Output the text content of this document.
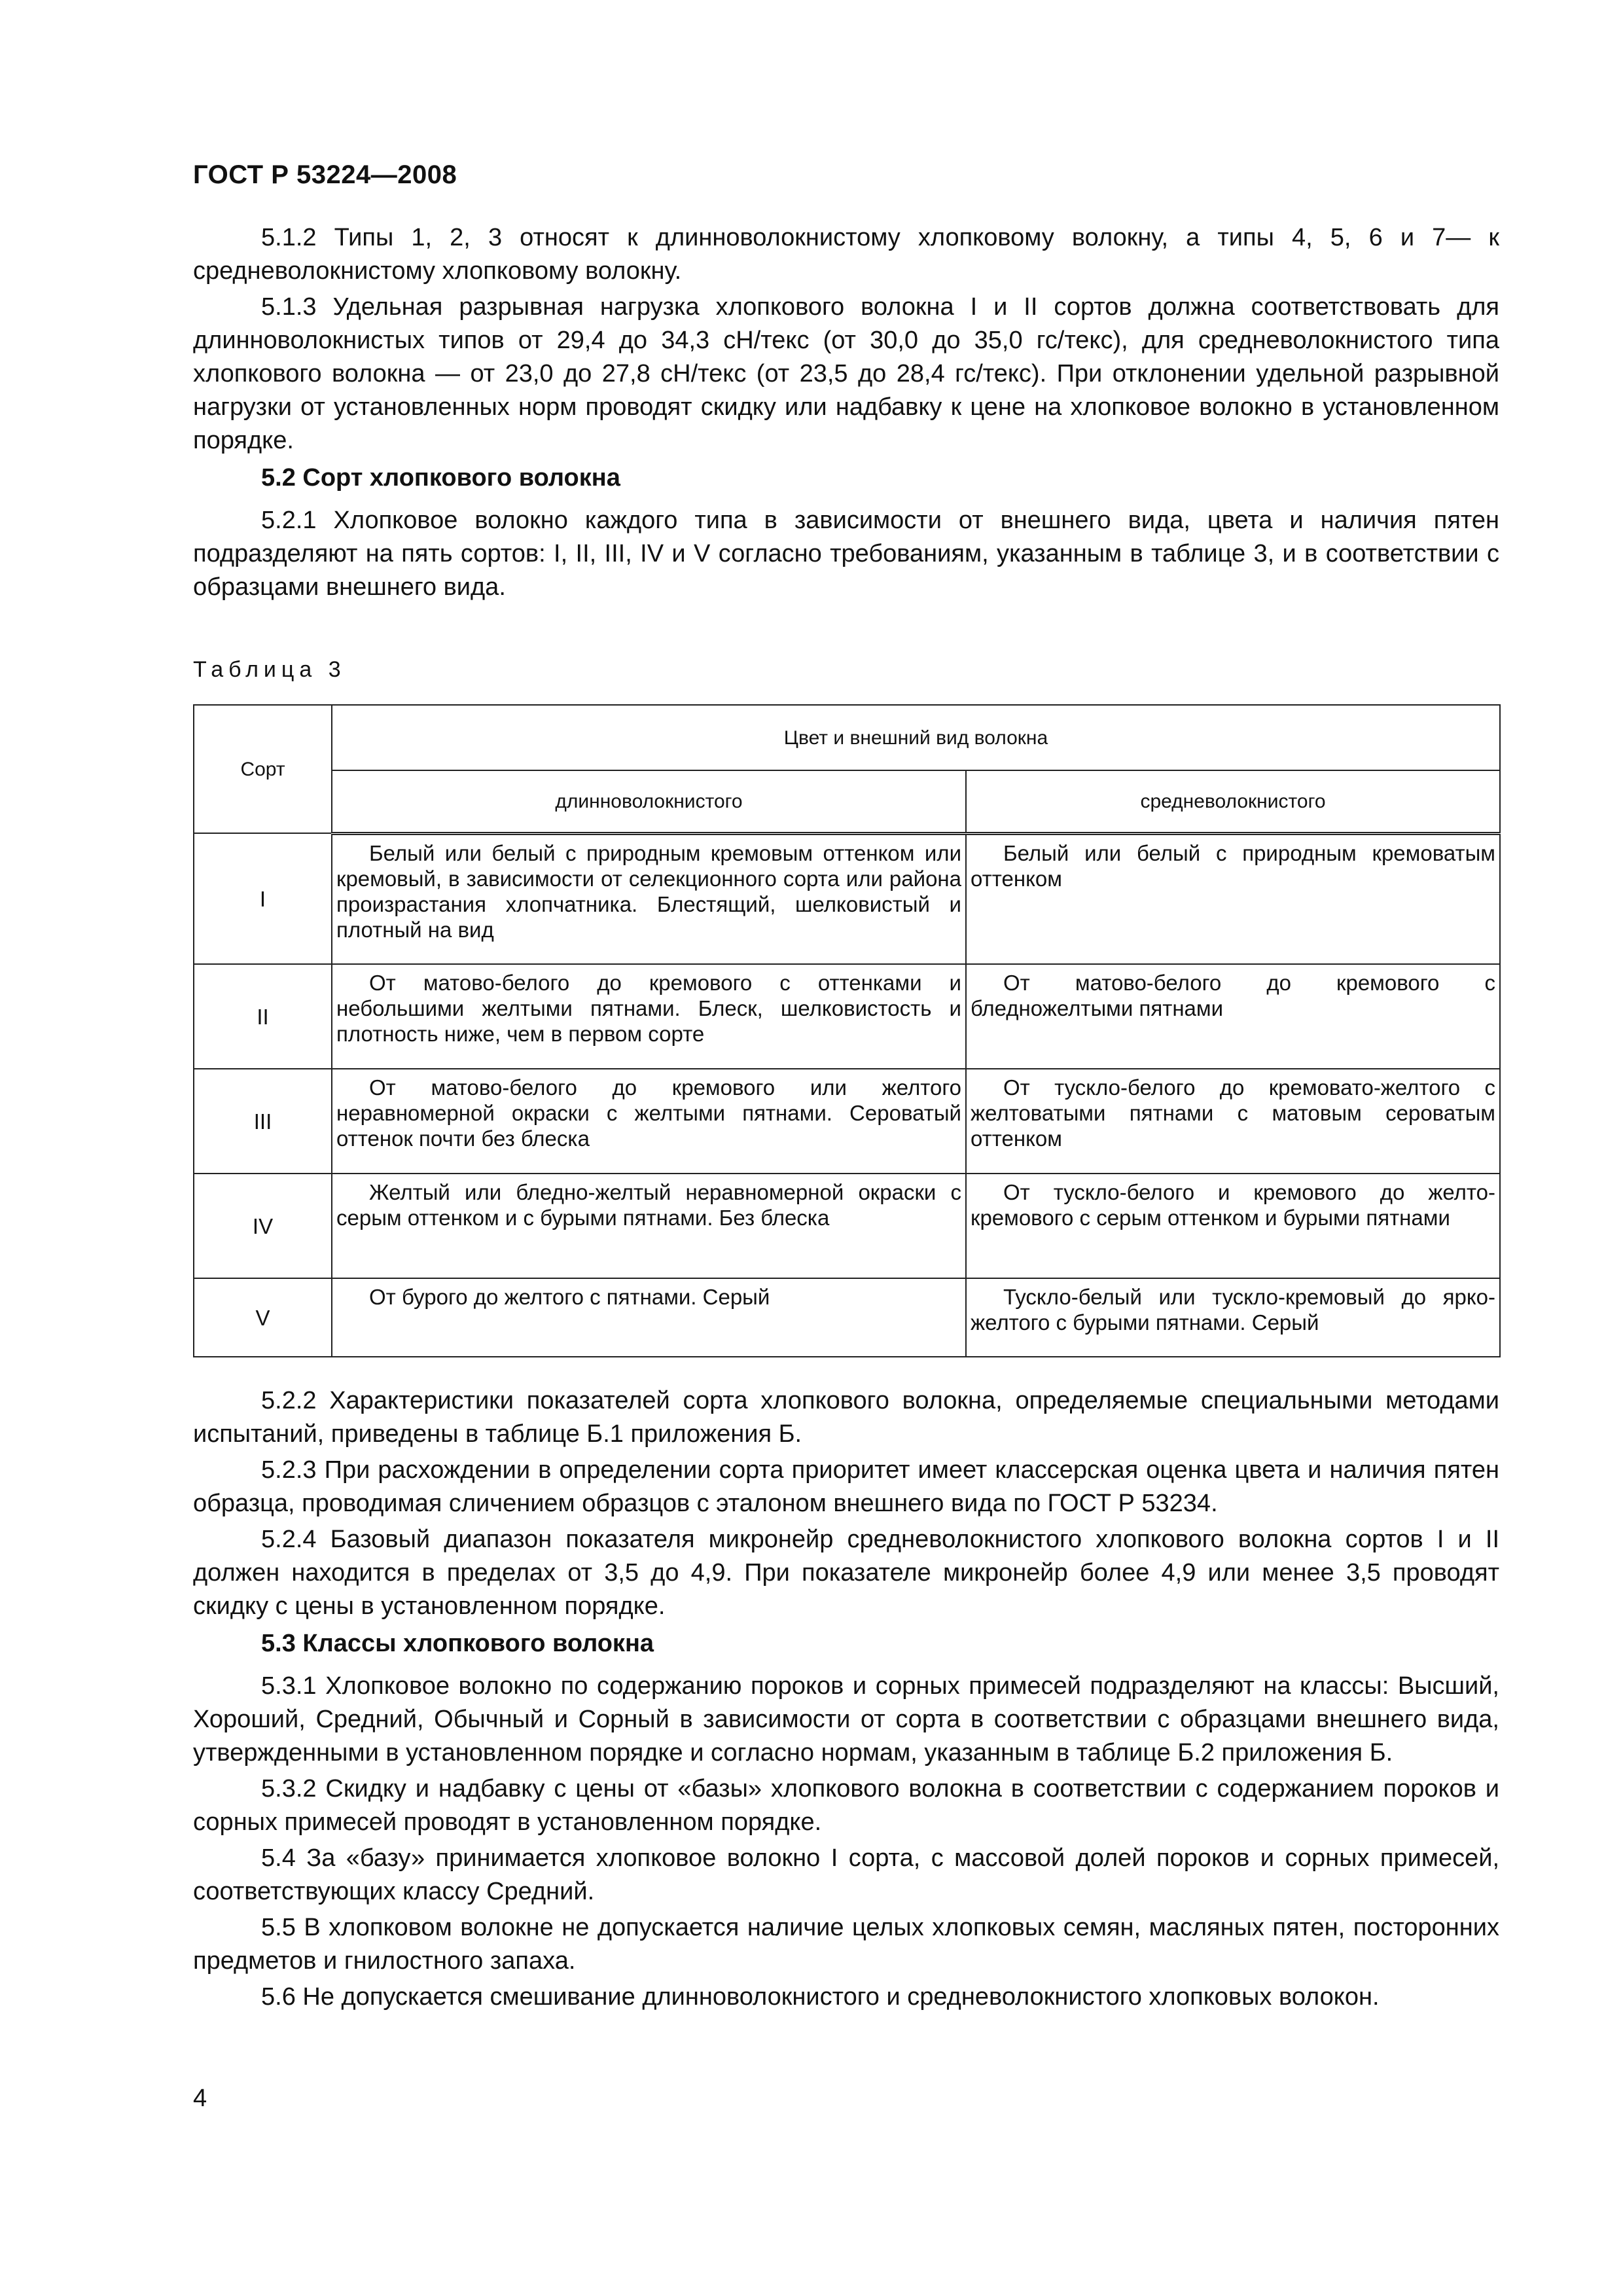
ГОСТ Р 53224—2008

5.1.2 Типы 1, 2, 3 относят к длинноволокнистому хлопковому волокну, а типы 4, 5, 6 и 7— к средневолокнистому хлопковому волокну.

5.1.3 Удельная разрывная нагрузка хлопкового волокна I и II сортов должна соответствовать для длинноволокнистых типов от 29,4 до 34,3 сН/текс (от 30,0 до 35,0 гс/текс), для средневолокнистого типа хлопкового волокна — от 23,0 до 27,8 сН/текс (от 23,5 до 28,4 гс/текс). При отклонении удельной разрывной нагрузки от установленных норм проводят скидку или надбавку к цене на хлопковое волокно в установленном порядке.

5.2 Сорт хлопкового волокна

5.2.1 Хлопковое волокно каждого типа в зависимости от внешнего вида, цвета и наличия пятен подразделяют на пять сортов: I, II, III, IV и V согласно требованиям, указанным в таблице 3, и в соответствии с образцами внешнего вида.

Таблица 3
Сорт	Цвет и внешний вид волокна	
	длинноволокнистого	средневолокнистого
I	Белый или белый с природным кремовым оттенком или кремовый, в зависимости от селекционного сорта или района произрастания хлопчатника. Блестящий, шелковистый и плотный на вид	Белый или белый с природным кремоватым оттенком
II	От матово-белого до кремового с оттенками и небольшими желтыми пятнами. Блеск, шелковистость и плотность ниже, чем в первом сорте	От матово-белого до кремового с бледножелтыми пятнами
III	От матово-белого до кремового или желтого неравномерной окраски с желтыми пятнами. Сероватый оттенок почти без блеска	От тускло-белого до кремовато-желтого с желтоватыми пятнами с матовым сероватым оттенком
IV	Желтый или бледно-желтый неравномерной окраски с серым оттенком и с бурыми пятнами. Без блеска	От тускло-белого и кремового до желто-кремового с серым оттенком и бурыми пятнами
V	От бурого до желтого с пятнами. Серый	Тускло-белый или тускло-кремовый до ярко-желтого с бурыми пятнами. Серый

5.2.2 Характеристики показателей сорта хлопкового волокна, определяемые специальными методами испытаний, приведены в таблице Б.1 приложения Б.

5.2.3 При расхождении в определении сорта приоритет имеет классерская оценка цвета и наличия пятен образца, проводимая сличением образцов с эталоном внешнего вида по ГОСТ Р 53234.

5.2.4 Базовый диапазон показателя микронейр средневолокнистого хлопкового волокна сортов I и II должен находится в пределах от 3,5 до 4,9. При показателе микронейр более 4,9 или менее 3,5 проводят скидку с цены в установленном порядке.

5.3 Классы хлопкового волокна

5.3.1 Хлопковое волокно по содержанию пороков и сорных примесей подразделяют на классы: Высший, Хороший, Средний, Обычный и Сорный в зависимости от сорта в соответствии с образцами внешнего вида, утвержденными в установленном порядке и согласно нормам, указанным в таблице Б.2 приложения Б.

5.3.2 Скидку и надбавку с цены от «базы» хлопкового волокна в соответствии с содержанием пороков и сорных примесей проводят в установленном порядке.

5.4 За «базу» принимается хлопковое волокно I сорта, с массовой долей пороков и сорных примесей, соответствующих классу Средний.

5.5 В хлопковом волокне не допускается наличие целых хлопковых семян, масляных пятен, посторонних предметов и гнилостного запаха.

5.6 Не допускается смешивание длинноволокнистого и средневолокнистого хлопковых волокон.

4
